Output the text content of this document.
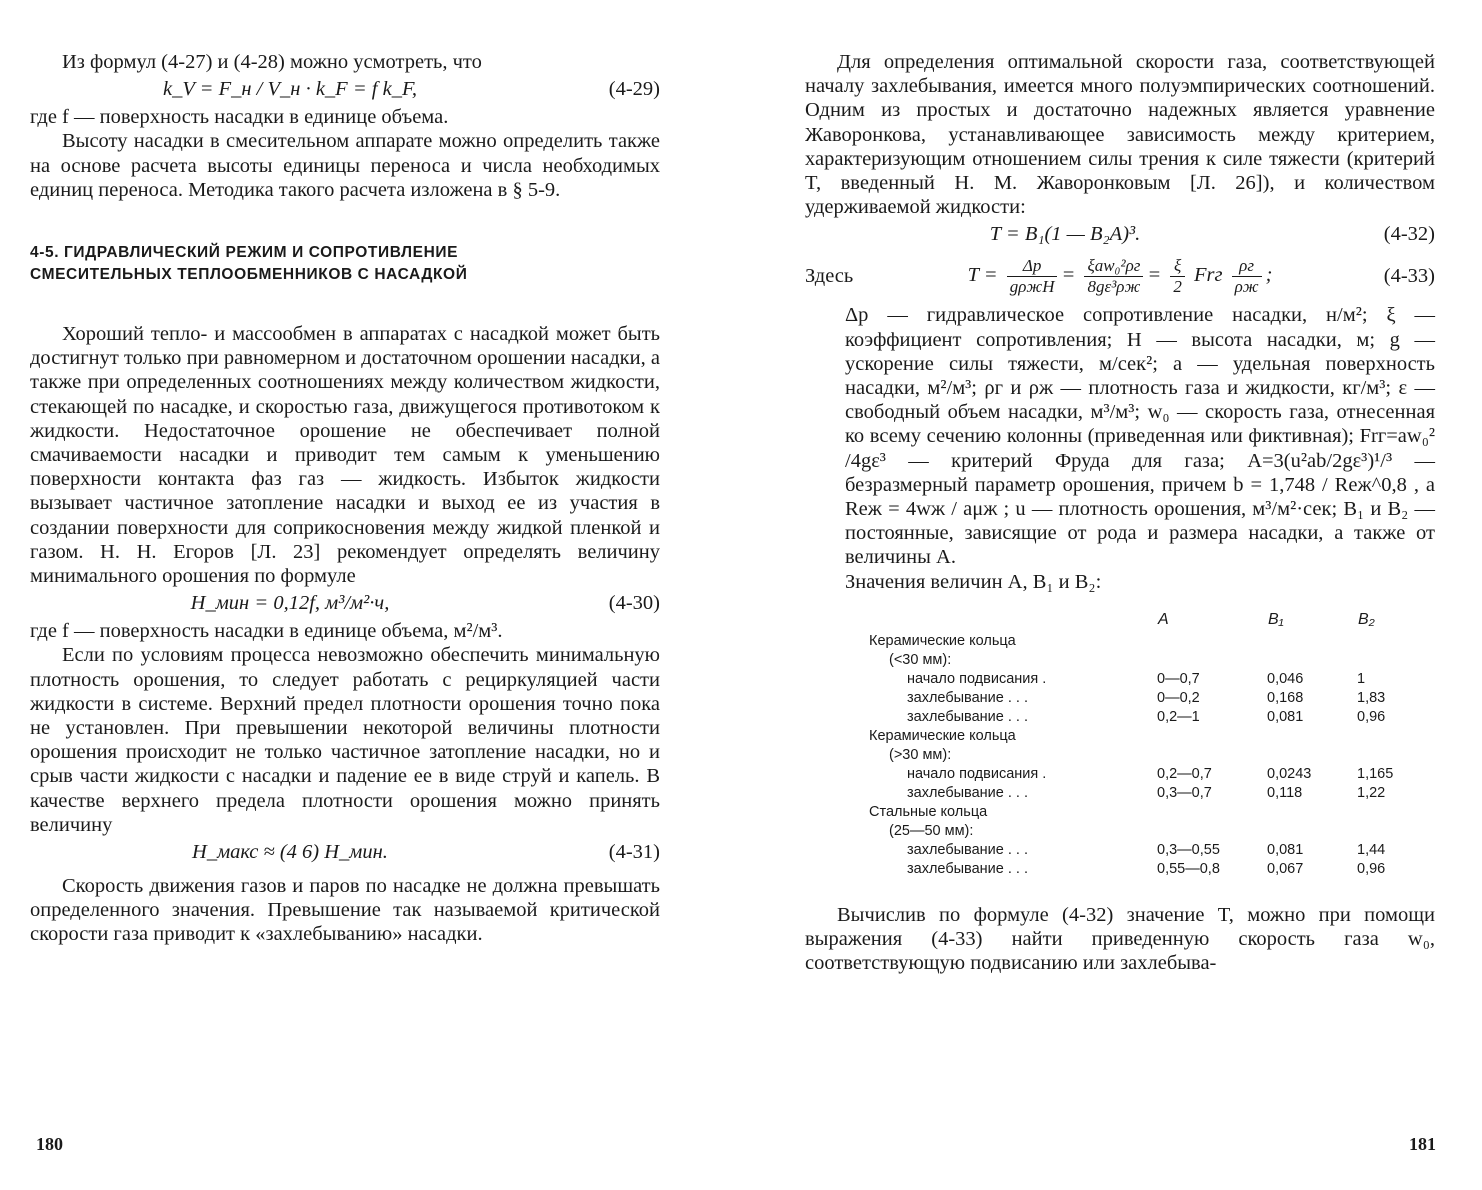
Из формул (4-27) и (4-28) можно усмотреть, что

k_V = F_н / V_н · k_F = f k_F,	(4-29)

где f — поверхность насадки в единице объема.

Высоту насадки в смесительном аппарате можно определить также на основе расчета высоты единицы переноса и числа необходимых единиц переноса. Методика такого расчета изложена в § 5-9.

4-5. ГИДРАВЛИЧЕСКИЙ РЕЖИМ И СОПРОТИВЛЕНИЕ
СМЕСИТЕЛЬНЫХ ТЕПЛООБМЕННИКОВ С НАСАДКОЙ

Хороший тепло- и массообмен в аппаратах с насадкой может быть достигнут только при равномерном и достаточном орошении насадки, а также при определенных соотношениях между количеством жидкости, стекающей по насадке, и скоростью газа, движущегося противотоком к жидкости. Недостаточное орошение не обеспечивает полной смачиваемости насадки и приводит тем самым к уменьшению поверхности контакта фаз газ — жидкость. Избыток жидкости вызывает частичное затопление насадки и выход ее из участия в создании поверхности для соприкосновения между жидкой пленкой и газом. Н. Н. Егоров [Л. 23] рекомендует определять величину минимального орошения по формуле

H_мин = 0,12f, м³/м²·ч,	(4-30)

где f — поверхность насадки в единице объема, м²/м³.

Если по условиям процесса невозможно обеспечить минимальную плотность орошения, то следует работать с рециркуляцией части жидкости в системе. Верхний предел плотности орошения точно пока не установлен. При превышении некоторой величины плотности орошения происходит не только частичное затопление насадки, но и срыв части жидкости с насадки и падение ее в виде струй и капель. В качестве верхнего предела плотности орошения можно принять величину

H_макс ≈ (4 6) H_мин.	(4-31)

Скорость движения газов и паров по насадке не должна превышать определенного значения. Превышение так называемой критической скорости газа приводит к «захлебыванию» насадки.

180

Для определения оптимальной скорости газа, соответствующей началу захлебывания, имеется много полуэмпирических соотношений. Одним из простых и достаточно надежных является уравнение Жаворонкова, устанавливающее зависимость между критерием, характеризующим отношением силы трения к силе тяжести (критерий T, введенный Н. М. Жаворонковым [Л. 26]), и количеством удерживаемой жидкости:

T = B₁(1 — B₂A)³.	(4-32)
Здесь	$T = \frac{\Delta p}{\text{gρжH}} = \frac{\text{ξaw₀²ρг}}{\text{8gε³ρж}} = \frac{\xi}{2}$ Frг $\frac{\rho г}{\rho ж}$ ;	(4-33)

Δp — гидравлическое сопротивление насадки, н/м²; ξ — коэффициент сопротивления; H — высота насадки, м; g — ускорение силы тяжести, м/сек²; a — удельная поверхность насадки, м²/м³; ρг и ρж — плотность газа и жидкости, кг/м³; ε — свободный объем насадки, м³/м³; w₀ — скорость газа, отнесенная ко всему сечению колонны (приведенная или фиктивная); Frг=aw₀² /4gε³ — критерий Фруда для газа; A=3(u²ab/2gε³)¹/³ — безразмерный параметр орошения, причем b = 1,748 / Reж^0,8 , а Reж = 4wж / aμж ; u — плотность орошения, м³/м²·сек; B₁ и B₂ — постоянные, зависящие от рода и размера насадки, а также от величины A.

Значения величин A, B₁ и B₂:

	A	B₁	B₂
Керамические кольца			
(<30 мм):			
начало подвисания .	0—0,7	0,046	1
захлебывание . . .	0—0,2	0,168	1,83
захлебывание . . .	0,2—1	0,081	0,96
Керамические кольца			
(>30 мм):			
начало подвисания .	0,2—0,7	0,0243	1,165
захлебывание . . .	0,3—0,7	0,118	1,22
Стальные кольца			
(25—50 мм):			
захлебывание . . .	0,3—0,55	0,081	1,44
захлебывание . . .	0,55—0,8	0,067	0,96

Вычислив по формуле (4-32) значение T, можно при помощи выражения (4-33) найти приведенную скорость газа w₀, соответствующую подвисанию или захлебыва-

181
